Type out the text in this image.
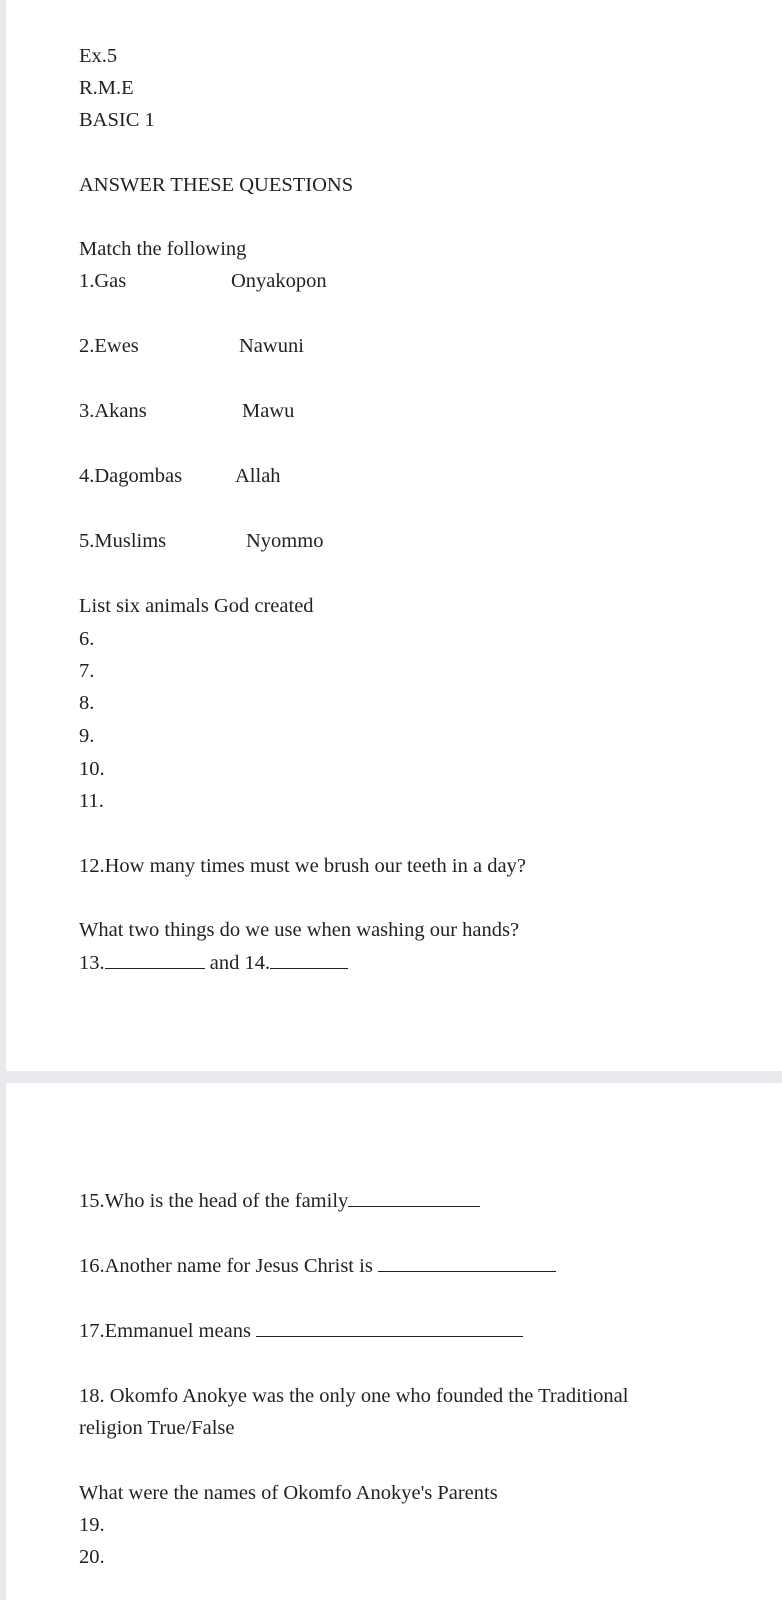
Ex.5
R.M.E
BASIC 1
ANSWER THESE QUESTIONS
Match the following
1.Gas	Onyakopon
2.Ewes	Nawuni
3.Akans	Mawu
4.Dagombas	Allah
5.Muslims	Nyommo
List six animals God created
6.
7.
8.
9.
10.
11.
12.How many times must we brush our teeth in a day?
What two things do we use when washing our hands?
13.	and 14.
15.Who is the head of the family
16.Another name for Jesus Christ is
17.Emmanuel means
18. Okomfo Anokye was the only one who founded the Traditional religion True/False
What were the names of Okomfo Anokye's Parents
19.
20.
